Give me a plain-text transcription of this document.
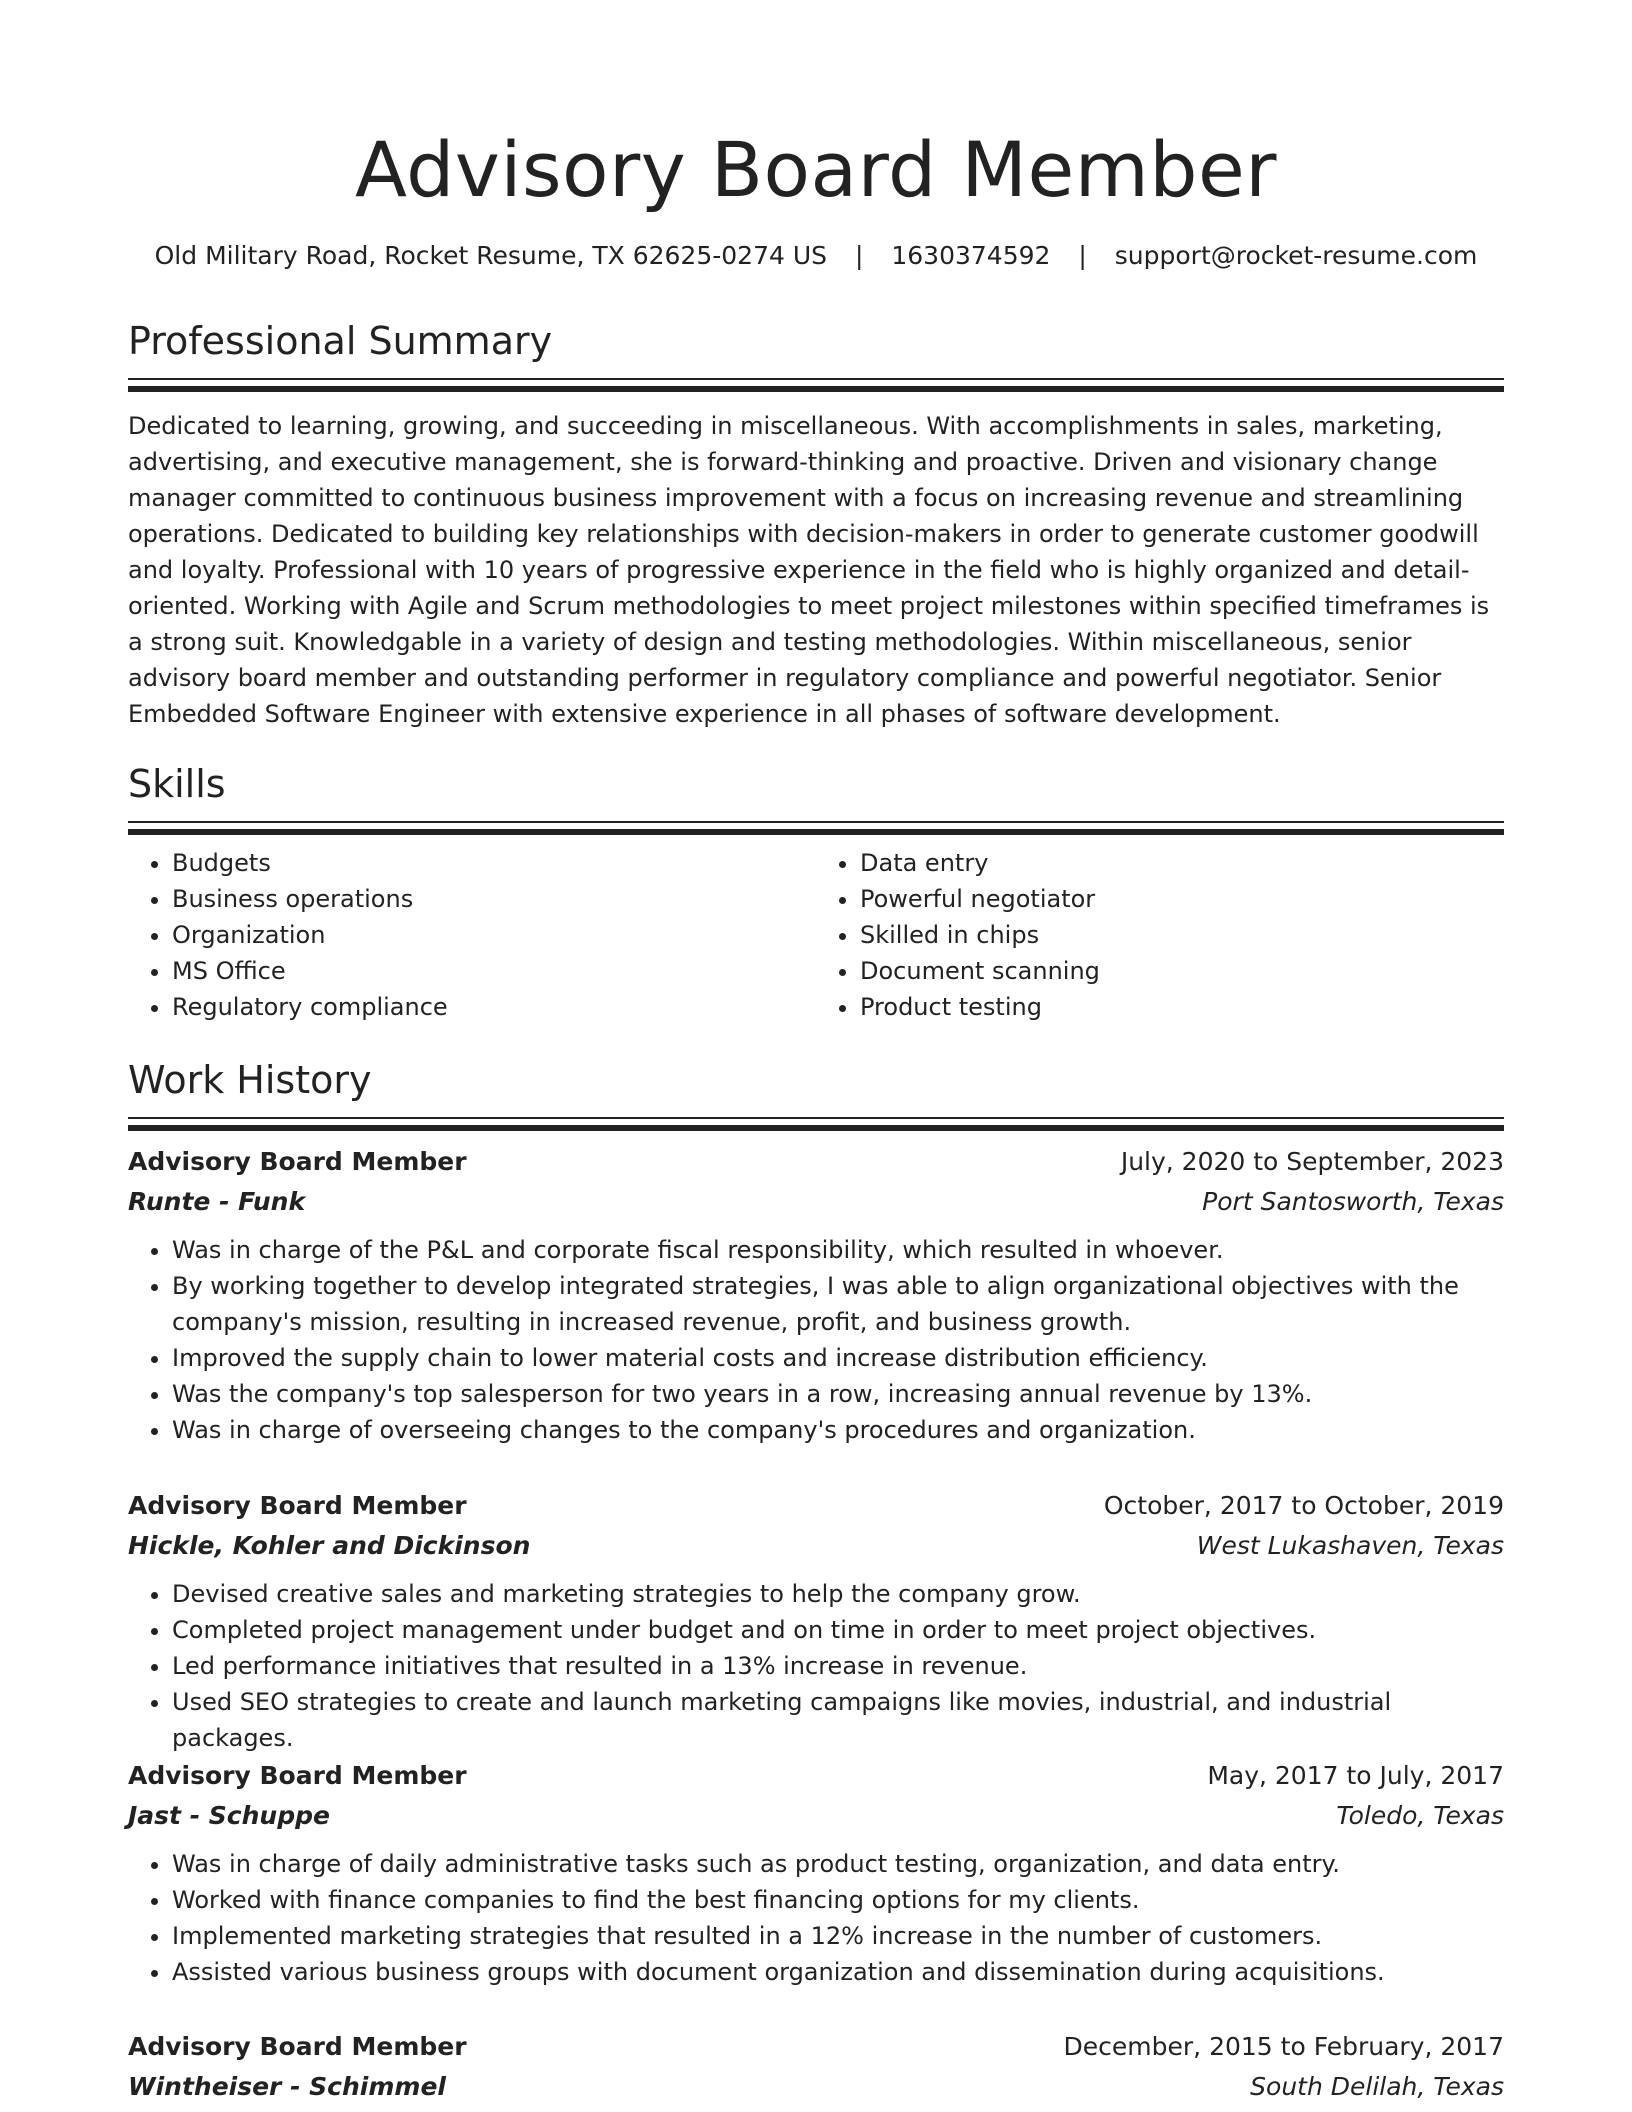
Advisory Board Member
Old Military Road, Rocket Resume, TX 62625-0274 US | 1630374592 | support@rocket-resume.com
Professional Summary

Dedicated to learning, growing, and succeeding in miscellaneous. With accomplishments in sales, marketing, advertising, and executive management, she is forward-thinking and proactive. Driven and visionary change manager committed to continuous business improvement with a focus on increasing revenue and streamlining operations. Dedicated to building key relationships with decision-makers in order to generate customer goodwill and loyalty. Professional with 10 years of progressive experience in the field who is highly organized and detail-oriented. Working with Agile and Scrum methodologies to meet project milestones within specified timeframes is a strong suit. Knowledgable in a variety of design and testing methodologies. Within miscellaneous, senior advisory board member and outstanding performer in regulatory compliance and powerful negotiator. Senior Embedded Software Engineer with extensive experience in all phases of software development.

Skills
• Budgets
• Business operations
• Organization
• MS Office
• Regulatory compliance
• Data entry
• Powerful negotiator
• Skilled in chips
• Document scanning
• Product testing
Work History
Advisory Board Member	July, 2020 to September, 2023
Runte - Funk	Port Santosworth, Texas
• Was in charge of the P&L and corporate fiscal responsibility, which resulted in whoever.
• By working together to develop integrated strategies, I was able to align organizational objectives with the company's mission, resulting in increased revenue, profit, and business growth.
• Improved the supply chain to lower material costs and increase distribution efficiency.
• Was the company's top salesperson for two years in a row, increasing annual revenue by 13%.
• Was in charge of overseeing changes to the company's procedures and organization.
Advisory Board Member	October, 2017 to October, 2019
Hickle, Kohler and Dickinson	West Lukashaven, Texas
• Devised creative sales and marketing strategies to help the company grow.
• Completed project management under budget and on time in order to meet project objectives.
• Led performance initiatives that resulted in a 13% increase in revenue.
• Used SEO strategies to create and launch marketing campaigns like movies, industrial, and industrial packages.
Advisory Board Member	May, 2017 to July, 2017
Jast - Schuppe	Toledo, Texas
• Was in charge of daily administrative tasks such as product testing, organization, and data entry.
• Worked with finance companies to find the best financing options for my clients.
• Implemented marketing strategies that resulted in a 12% increase in the number of customers.
• Assisted various business groups with document organization and dissemination during acquisitions.
Advisory Board Member	December, 2015 to February, 2017
Wintheiser - Schimmel	South Delilah, Texas
